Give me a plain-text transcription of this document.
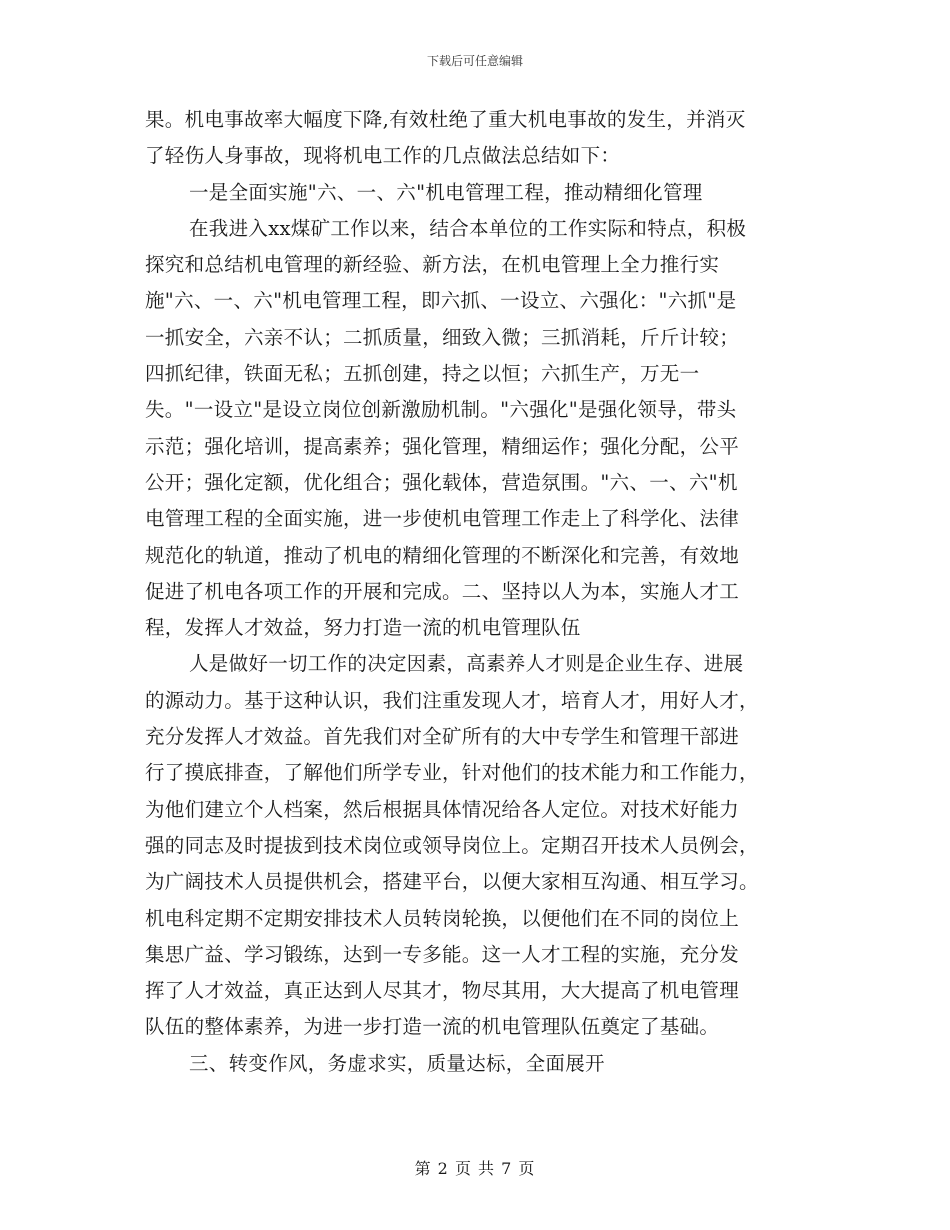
下载后可任意编辑
果。机电事故率大幅度下降,有效杜绝了重大机电事故的发生，并消灭
了轻伤人身事故，现将机电工作的几点做法总结如下：
一是全面实施"六、一、六"机电管理工程，推动精细化管理
在我进入xx煤矿工作以来，结合本单位的工作实际和特点，积极
探究和总结机电管理的新经验、新方法，在机电管理上全力推行实
施"六、一、六"机电管理工程，即六抓、一设立、六强化："六抓"是
一抓安全，六亲不认；二抓质量，细致入微；三抓消耗，斤斤计较；
四抓纪律，铁面无私；五抓创建，持之以恒；六抓生产，万无一
失。"一设立"是设立岗位创新激励机制。"六强化"是强化领导，带头
示范；强化培训，提高素养；强化管理，精细运作；强化分配，公平
公开；强化定额，优化组合；强化载体，营造氛围。"六、一、六"机
电管理工程的全面实施，进一步使机电管理工作走上了科学化、法律
规范化的轨道，推动了机电的精细化管理的不断深化和完善，有效地
促进了机电各项工作的开展和完成。二、坚持以人为本，实施人才工
程，发挥人才效益，努力打造一流的机电管理队伍
人是做好一切工作的决定因素，高素养人才则是企业生存、进展
的源动力。基于这种认识，我们注重发现人才，培育人才，用好人才，
充分发挥人才效益。首先我们对全矿所有的大中专学生和管理干部进
行了摸底排查，了解他们所学专业，针对他们的技术能力和工作能力，
为他们建立个人档案，然后根据具体情况给各人定位。对技术好能力
强的同志及时提拔到技术岗位或领导岗位上。定期召开技术人员例会，
为广阔技术人员提供机会，搭建平台，以便大家相互沟通、相互学习。
机电科定期不定期安排技术人员转岗轮换，以便他们在不同的岗位上
集思广益、学习锻练，达到一专多能。这一人才工程的实施，充分发
挥了人才效益，真正达到人尽其才，物尽其用，大大提高了机电管理
队伍的整体素养，为进一步打造一流的机电管理队伍奠定了基础。
三、转变作风，务虚求实，质量达标，全面展开
第 2 页 共 7 页
